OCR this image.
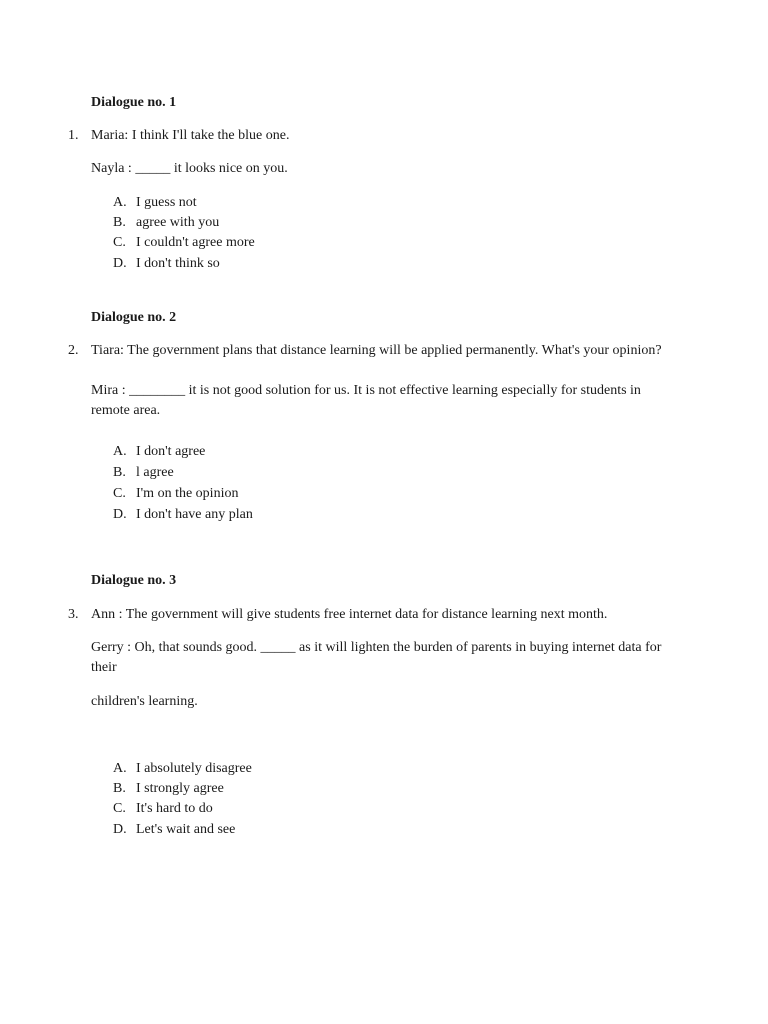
Dialogue no. 1
1. Maria: I think I'll take the blue one.
Nayla : _____ it looks nice on you.
A. I guess not
B. agree with you
C. I couldn't agree more
D. I don't think so
Dialogue no. 2
2. Tiara: The government plans that distance learning will be applied permanently. What's your opinion?
Mira : ________ it is not good solution for us. It is not effective learning especially for students in remote area.
A. I don't agree
B. l agree
C. I'm on the opinion
D. I don't have any plan
Dialogue no. 3
3. Ann : The government will give students free internet data for distance learning next month.
Gerry : Oh, that sounds good. _____ as it will lighten the burden of parents in buying internet data for their
children's learning.
A. I absolutely disagree
B. I strongly agree
C. It's hard to do
D. Let's wait and see
